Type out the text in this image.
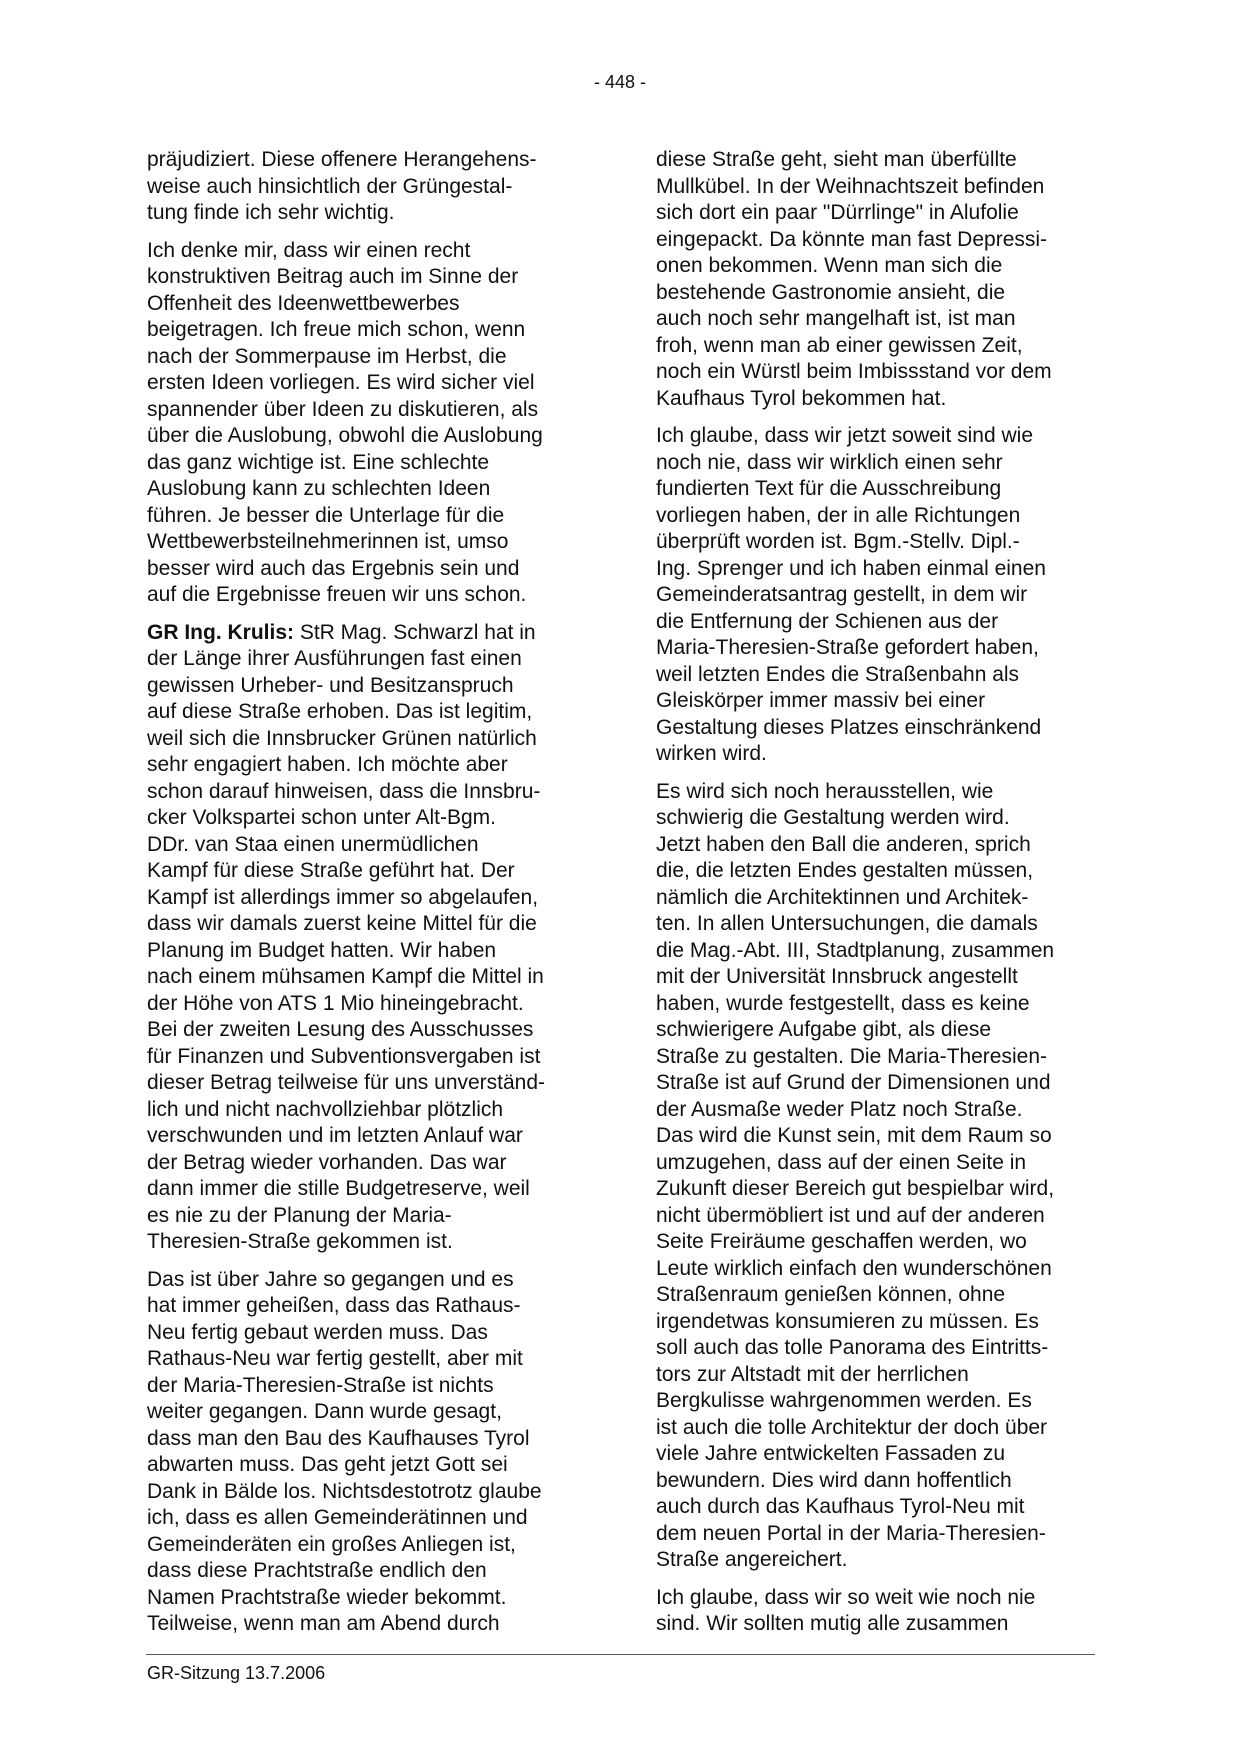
- 448 -

präjudiziert. Diese offenere Herangehens-
weise auch hinsichtlich der Grüngestal-
tung finde ich sehr wichtig.

Ich denke mir, dass wir einen recht
konstruktiven Beitrag auch im Sinne der
Offenheit des Ideenwettbewerbes
beigetragen. Ich freue mich schon, wenn
nach der Sommerpause im Herbst, die
ersten Ideen vorliegen. Es wird sicher viel
spannender über Ideen zu diskutieren, als
über die Auslobung, obwohl die Auslobung
das ganz wichtige ist. Eine schlechte
Auslobung kann zu schlechten Ideen
führen. Je besser die Unterlage für die
Wettbewerbsteilnehmerinnen ist, umso
besser wird auch das Ergebnis sein und
auf die Ergebnisse freuen wir uns schon.

GR Ing. Krulis: StR Mag. Schwarzl hat in
der Länge ihrer Ausführungen fast einen
gewissen Urheber- und Besitzanspruch
auf diese Straße erhoben. Das ist legitim,
weil sich die Innsbrucker Grünen natürlich
sehr engagiert haben. Ich möchte aber
schon darauf hinweisen, dass die Innsbru-
cker Volkspartei schon unter Alt-Bgm.
DDr. van Staa einen unermüdlichen
Kampf für diese Straße geführt hat. Der
Kampf ist allerdings immer so abgelaufen,
dass wir damals zuerst keine Mittel für die
Planung im Budget hatten. Wir haben
nach einem mühsamen Kampf die Mittel in
der Höhe von ATS 1 Mio hineingebracht.
Bei der zweiten Lesung des Ausschusses
für Finanzen und Subventionsvergaben ist
dieser Betrag teilweise für uns unverständ-
lich und nicht nachvollziehbar plötzlich
verschwunden und im letzten Anlauf war
der Betrag wieder vorhanden. Das war
dann immer die stille Budgetreserve, weil
es nie zu der Planung der Maria-
Theresien-Straße gekommen ist.

Das ist über Jahre so gegangen und es
hat immer geheißen, dass das Rathaus-
Neu fertig gebaut werden muss. Das
Rathaus-Neu war fertig gestellt, aber mit
der Maria-Theresien-Straße ist nichts
weiter gegangen. Dann wurde gesagt,
dass man den Bau des Kaufhauses Tyrol
abwarten muss. Das geht jetzt Gott sei
Dank in Bälde los. Nichtsdestotrotz glaube
ich, dass es allen Gemeinderätinnen und
Gemeinderäten ein großes Anliegen ist,
dass diese Prachtstraße endlich den
Namen Prachtstraße wieder bekommt.
Teilweise, wenn man am Abend durch

diese Straße geht, sieht man überfüllte
Mullkübel. In der Weihnachtszeit befinden
sich dort ein paar "Dürrlinge" in Alufolie
eingepackt. Da könnte man fast Depressi-
onen bekommen. Wenn man sich die
bestehende Gastronomie ansieht, die
auch noch sehr mangelhaft ist, ist man
froh, wenn man ab einer gewissen Zeit,
noch ein Würstl beim Imbissstand vor dem
Kaufhaus Tyrol bekommen hat.

Ich glaube, dass wir jetzt soweit sind wie
noch nie, dass wir wirklich einen sehr
fundierten Text für die Ausschreibung
vorliegen haben, der in alle Richtungen
überprüft worden ist. Bgm.-Stellv. Dipl.-
Ing. Sprenger und ich haben einmal einen
Gemeinderatsantrag gestellt, in dem wir
die Entfernung der Schienen aus der
Maria-Theresien-Straße gefordert haben,
weil letzten Endes die Straßenbahn als
Gleiskörper immer massiv bei einer
Gestaltung dieses Platzes einschränkend
wirken wird.

Es wird sich noch herausstellen, wie
schwierig die Gestaltung werden wird.
Jetzt haben den Ball die anderen, sprich
die, die letzten Endes gestalten müssen,
nämlich die Architektinnen und Architek-
ten. In allen Untersuchungen, die damals
die Mag.-Abt. III, Stadtplanung, zusammen
mit der Universität Innsbruck angestellt
haben, wurde festgestellt, dass es keine
schwierigere Aufgabe gibt, als diese
Straße zu gestalten. Die Maria-Theresien-
Straße ist auf Grund der Dimensionen und
der Ausmaße weder Platz noch Straße.
Das wird die Kunst sein, mit dem Raum so
umzugehen, dass auf der einen Seite in
Zukunft dieser Bereich gut bespielbar wird,
nicht übermöbliert ist und auf der anderen
Seite Freiräume geschaffen werden, wo
Leute wirklich einfach den wunderschönen
Straßenraum genießen können, ohne
irgendetwas konsumieren zu müssen. Es
soll auch das tolle Panorama des Eintritts-
tors zur Altstadt mit der herrlichen
Bergkulisse wahrgenommen werden. Es
ist auch die tolle Architektur der doch über
viele Jahre entwickelten Fassaden zu
bewundern. Dies wird dann hoffentlich
auch durch das Kaufhaus Tyrol-Neu mit
dem neuen Portal in der Maria-Theresien-
Straße angereichert.

Ich glaube, dass wir so weit wie noch nie
sind. Wir sollten mutig alle zusammen

GR-Sitzung 13.7.2006
